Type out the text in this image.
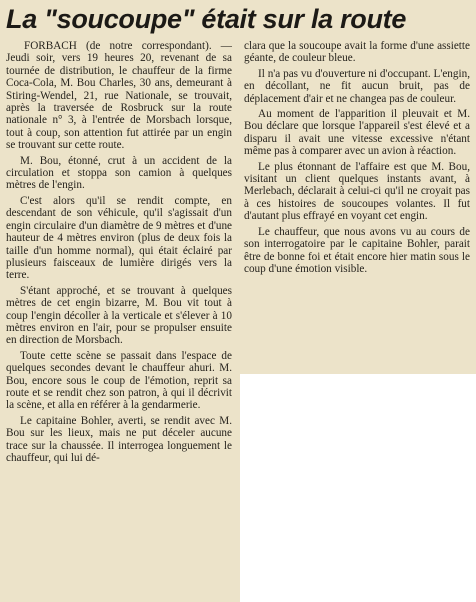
La "soucoupe" était sur la route

FORBACH (de notre correspondant). — Jeudi soir, vers 19 heures 20, revenant de sa tournée de distribution, le chauffeur de la firme Coca-Cola, M. Bou Charles, 30 ans, demeurant à Stiring-Wendel, 21, rue Nationale, se trouvait, après la traversée de Rosbruck sur la route nationale n° 3, à l'entrée de Morsbach lorsque, tout à coup, son attention fut attirée par un engin se trouvant sur cette route.

M. Bou, étonné, crut à un accident de la circulation et stoppa son camion à quelques mètres de l'engin.

C'est alors qu'il se rendit compte, en descendant de son véhicule, qu'il s'agissait d'un engin circulaire d'un diamètre de 9 mètres et d'une hauteur de 4 mètres environ (plus de deux fois la taille d'un homme normal), qui était éclairé par plusieurs faisceaux de lumière dirigés vers la terre.

S'étant approché, et se trouvant à quelques mètres de cet engin bizarre, M. Bou vit tout à coup l'engin décoller à la verticale et s'élever à 10 mètres environ en l'air, pour se propulser ensuite en direction de Morsbach.

Toute cette scène se passait dans l'espace de quelques secondes devant le chauffeur ahuri. M. Bou, encore sous le coup de l'émotion, reprit sa route et se rendit chez son patron, à qui il décrivit la scène, et alla en référer à la gendarmerie.

Le capitaine Bohler, averti, se rendit avec M. Bou sur les lieux, mais ne put déceler aucune trace sur la chaussée. Il interrogea longuement le chauffeur, qui lui dé-

clara que la soucoupe avait la forme d'une assiette géante, de couleur bleue.

Il n'a pas vu d'ouverture ni d'occupant. L'engin, en décollant, ne fit aucun bruit, pas de déplacement d'air et ne changea pas de couleur.

Au moment de l'apparition il pleuvait et M. Bou déclare que lorsque l'appareil s'est élevé et a disparu il avait une vitesse excessive n'étant même pas à comparer avec un avion à réaction.

Le plus étonnant de l'affaire est que M. Bou, visitant un client quelques instants avant, à Merlebach, déclarait à celui-ci qu'il ne croyait pas à ces histoires de soucoupes volantes. Il fut d'autant plus effrayé en voyant cet engin.

Le chauffeur, que nous avons vu au cours de son interrogatoire par le capitaine Bohler, parait être de bonne foi et était encore hier matin sous le coup d'une émotion visible.
